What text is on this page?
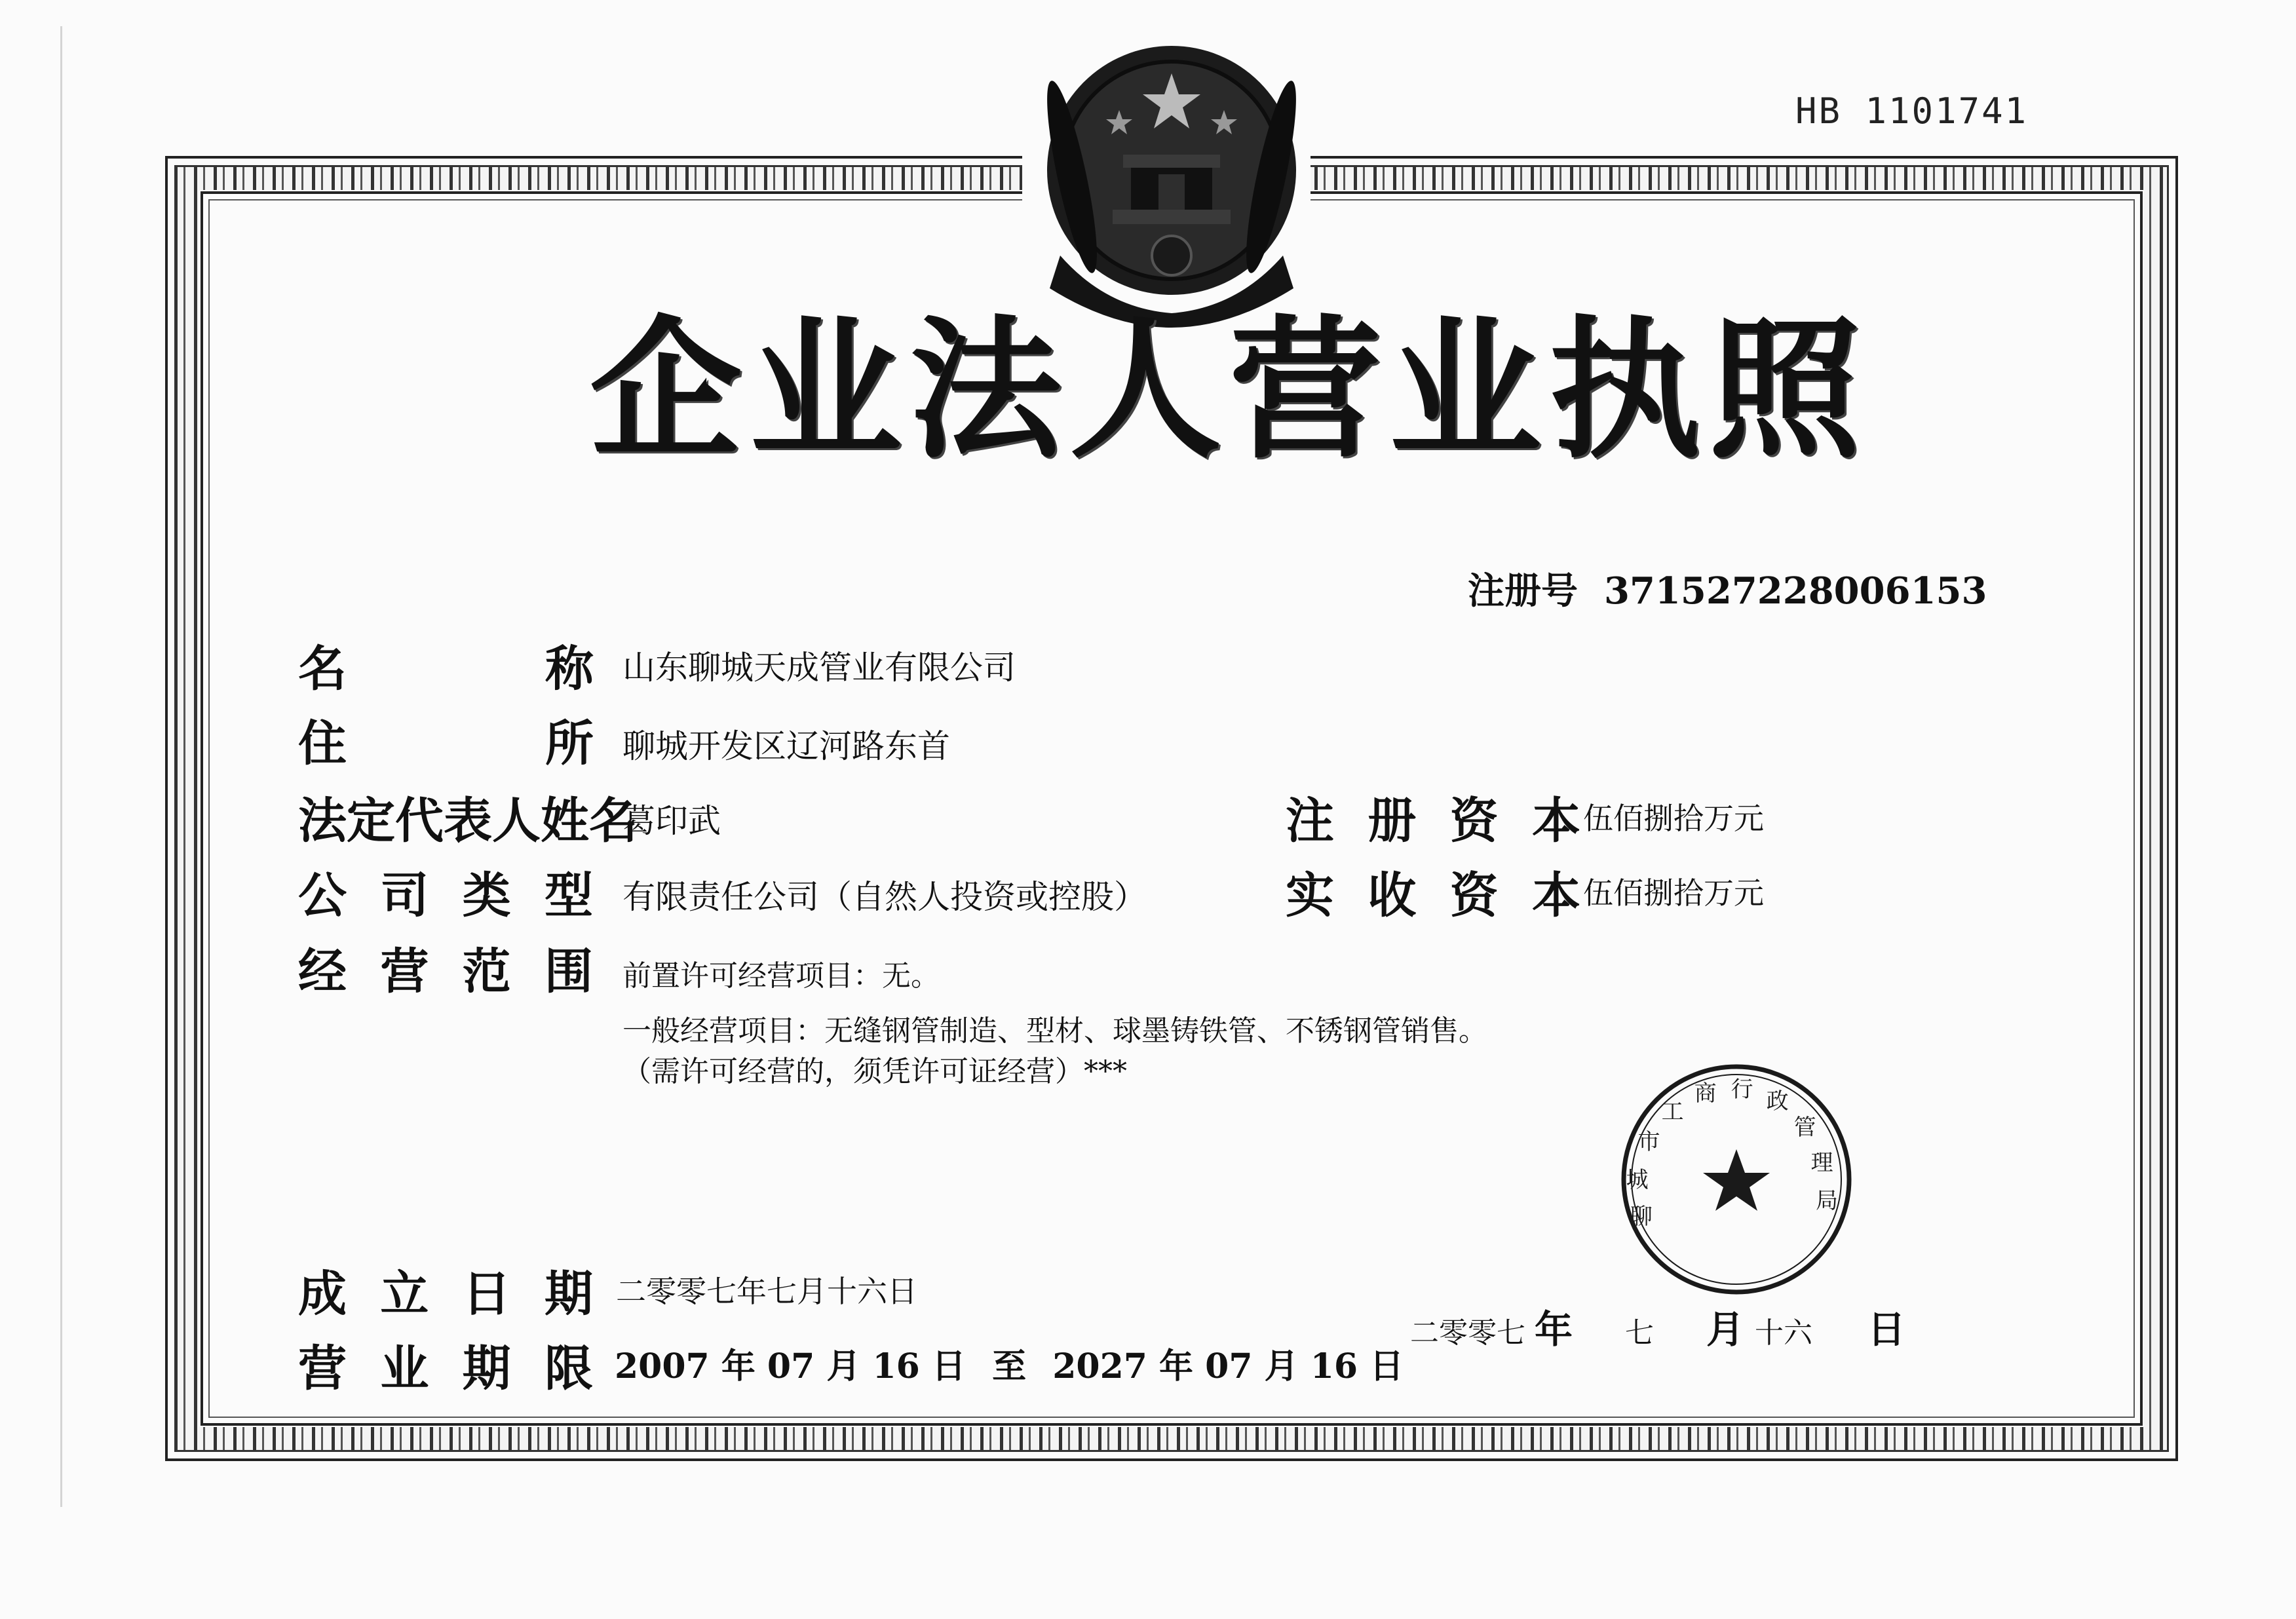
HB 1101741
企业法人营业执照
注册号 371527228006153
名	称 山东聊城天成管业有限公司
住	所 聊城开发区辽河路东首
法定代表人姓名
葛印武
公 司 类 型 有限责任公司（自然人投资或控股）
经 营 范 围 前置许可经营项目：无。
一般经营项目：无缝钢管制造、型材、球墨铸铁管、不锈钢管销售。
（需许可经营的，须凭许可证经营）***
注 册 资 本 伍佰捌拾万元
实 收 资 本 伍佰捌拾万元
成 立 日 期 二零零七年七月十六日
营 业 期 限 2007 年 07 月 16 日 至 2027 年 07 月 16 日
聊 城 市 工 商 行 政 管 理 局
二零零七 年 七 月 十六 日
